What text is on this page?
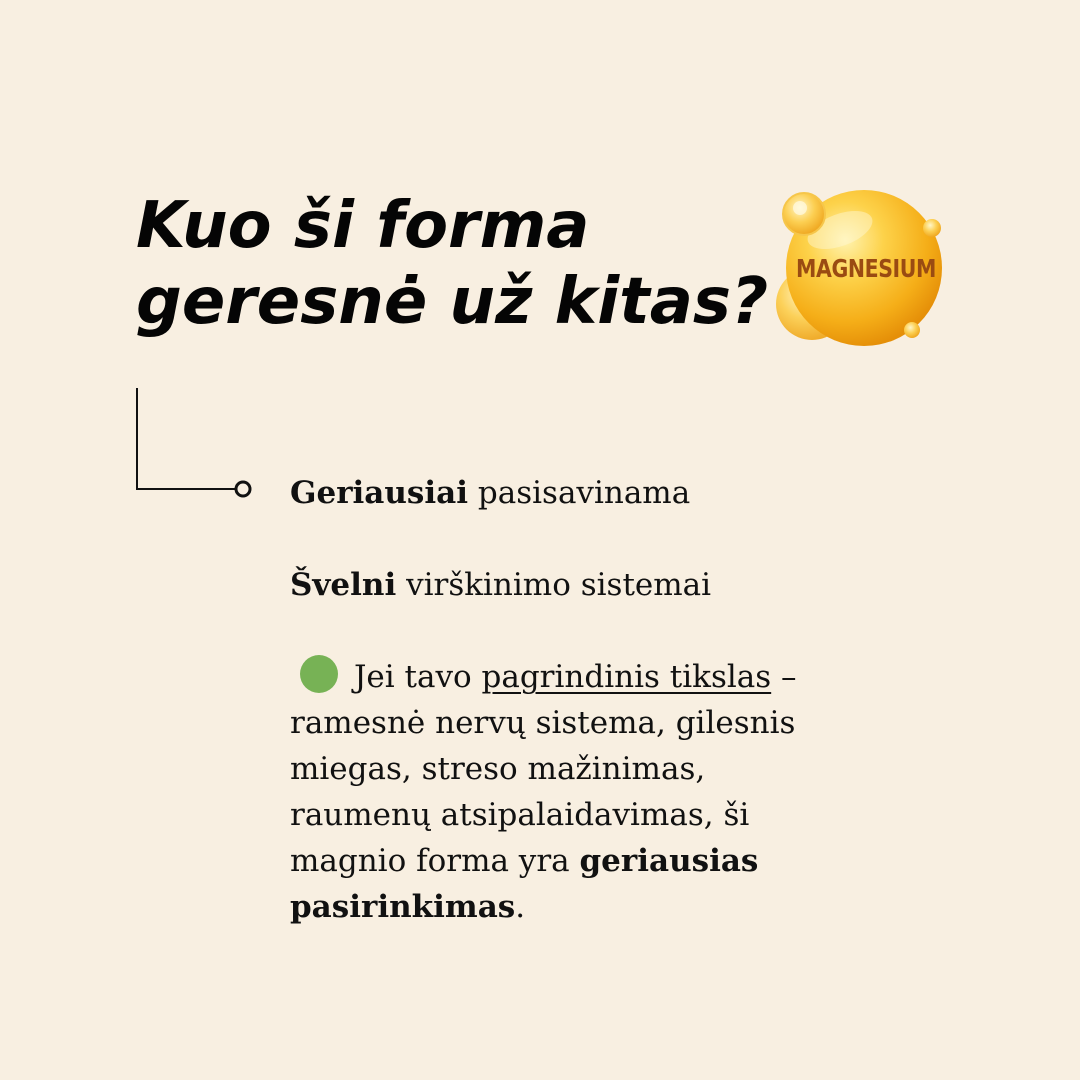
Kuo ši forma
geresnė už kitas?	MAGNESIUM
Geriausiai pasisavinama
Švelni virškinimo sistemai
Jei tavo pagrindinis tikslas –
ramesnė nervų sistema, gilesnis
miegas, streso mažinimas,
raumenų atsipalaidavimas, ši
magnio forma yra geriausias
pasirinkimas.
